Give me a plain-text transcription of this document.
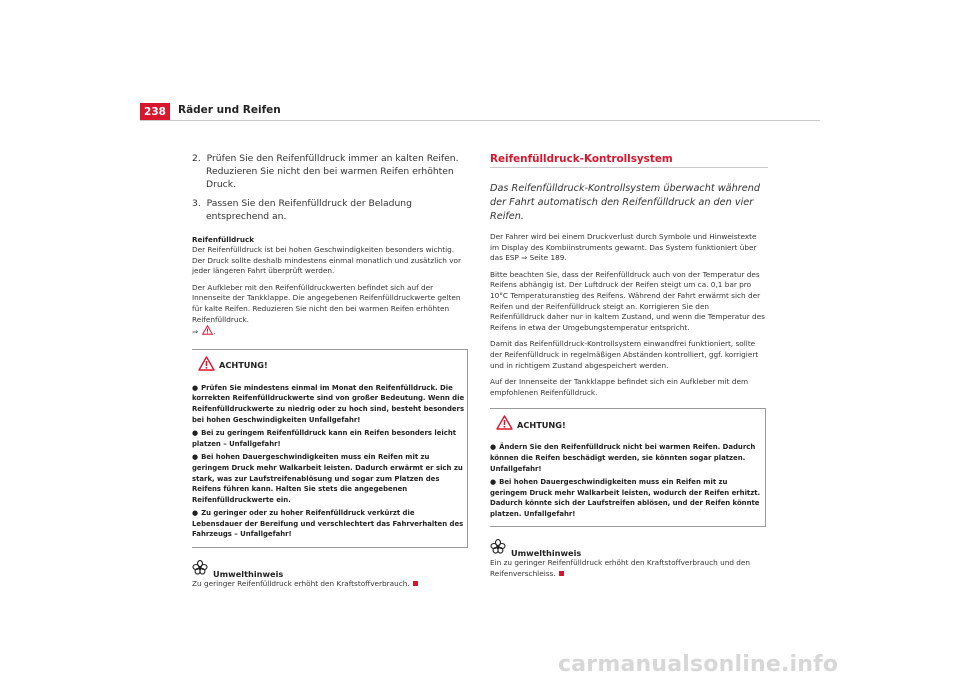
238	Räder und Reifen
2. Prüfen Sie den Reifenfülldruck immer an kalten Reifen. Reduzieren Sie nicht den bei warmen Reifen erhöhten Druck.
3. Passen Sie den Reifenfülldruck der Beladung entsprechend an.
Reifenfülldruck

Der Reifenfülldruck ist bei hohen Geschwindigkeiten besonders wichtig. Der Druck sollte deshalb mindestens einmal monatlich und zusätzlich vor jeder längeren Fahrt überprüft werden.

Der Aufkleber mit den Reifenfülldruckwerten befindet sich auf der Innenseite der Tankklappe. Die angegebenen Reifenfülldruckwerte gelten für kalte Reifen. Reduzieren Sie nicht den bei warmen Reifen erhöhten Reifenfülldruck.
⇒ .

ACHTUNG!
● Prüfen Sie mindestens einmal im Monat den Reifenfülldruck. Die korrekten Reifenfülldruckwerte sind von großer Bedeutung. Wenn die Reifenfülldruckwerte zu niedrig oder zu hoch sind, besteht besonders bei hohen Geschwindigkeiten Unfallgefahr!
● Bei zu geringem Reifenfülldruck kann ein Reifen besonders leicht platzen – Unfallgefahr!
● Bei hohen Dauergeschwindigkeiten muss ein Reifen mit zu geringem Druck mehr Walkarbeit leisten. Dadurch erwärmt er sich zu stark, was zur Laufstreifenablösung und sogar zum Platzen des Reifens führen kann. Halten Sie stets die angegebenen Reifenfülldruckwerte ein.
● Zu geringer oder zu hoher Reifenfülldruck verkürzt die Lebensdauer der Bereifung und verschlechtert das Fahrverhalten des Fahrzeugs – Unfallgefahr!
Umwelthinweis

Zu geringer Reifenfülldruck erhöht den Kraftstoffverbrauch.

Reifenfülldruck-Kontrollsystem

Das Reifenfülldruck-Kontrollsystem überwacht während der Fahrt automatisch den Reifenfülldruck an den vier Reifen.

Der Fahrer wird bei einem Druckverlust durch Symbole und Hinweistexte im Display des Kombiinstruments gewarnt. Das System funktioniert über das ESP ⇒ Seite 189.

Bitte beachten Sie, dass der Reifenfülldruck auch von der Temperatur des Reifens abhängig ist. Der Luftdruck der Reifen steigt um ca. 0,1 bar pro 10°C Temperaturanstieg des Reifens. Während der Fahrt erwärmt sich der Reifen und der Reifenfülldruck steigt an. Korrigieren Sie den Reifenfülldruck daher nur in kaltem Zustand, und wenn die Temperatur des Reifens in etwa der Umgebungstemperatur entspricht.

Damit das Reifenfülldruck-Kontrollsystem einwandfrei funktioniert, sollte der Reifenfülldruck in regelmäßigen Abständen kontrolliert, ggf. korrigiert und in richtigem Zustand abgespeichert werden.

Auf der Innenseite der Tankklappe befindet sich ein Aufkleber mit dem empfohlenen Reifenfülldruck.

ACHTUNG!
● Ändern Sie den Reifenfülldruck nicht bei warmen Reifen. Dadurch können die Reifen beschädigt werden, sie könnten sogar platzen. Unfallgefahr!
● Bei hohen Dauergeschwindigkeiten muss ein Reifen mit zu geringem Druck mehr Walkarbeit leisten, wodurch der Reifen erhitzt. Dadurch könnte sich der Laufstreifen ablösen, und der Reifen könnte platzen. Unfallgefahr!
Umwelthinweis

Ein zu geringer Reifenfülldruck erhöht den Kraftstoffverbrauch und den Reifenverschleiss.

carmanualsonline.info
